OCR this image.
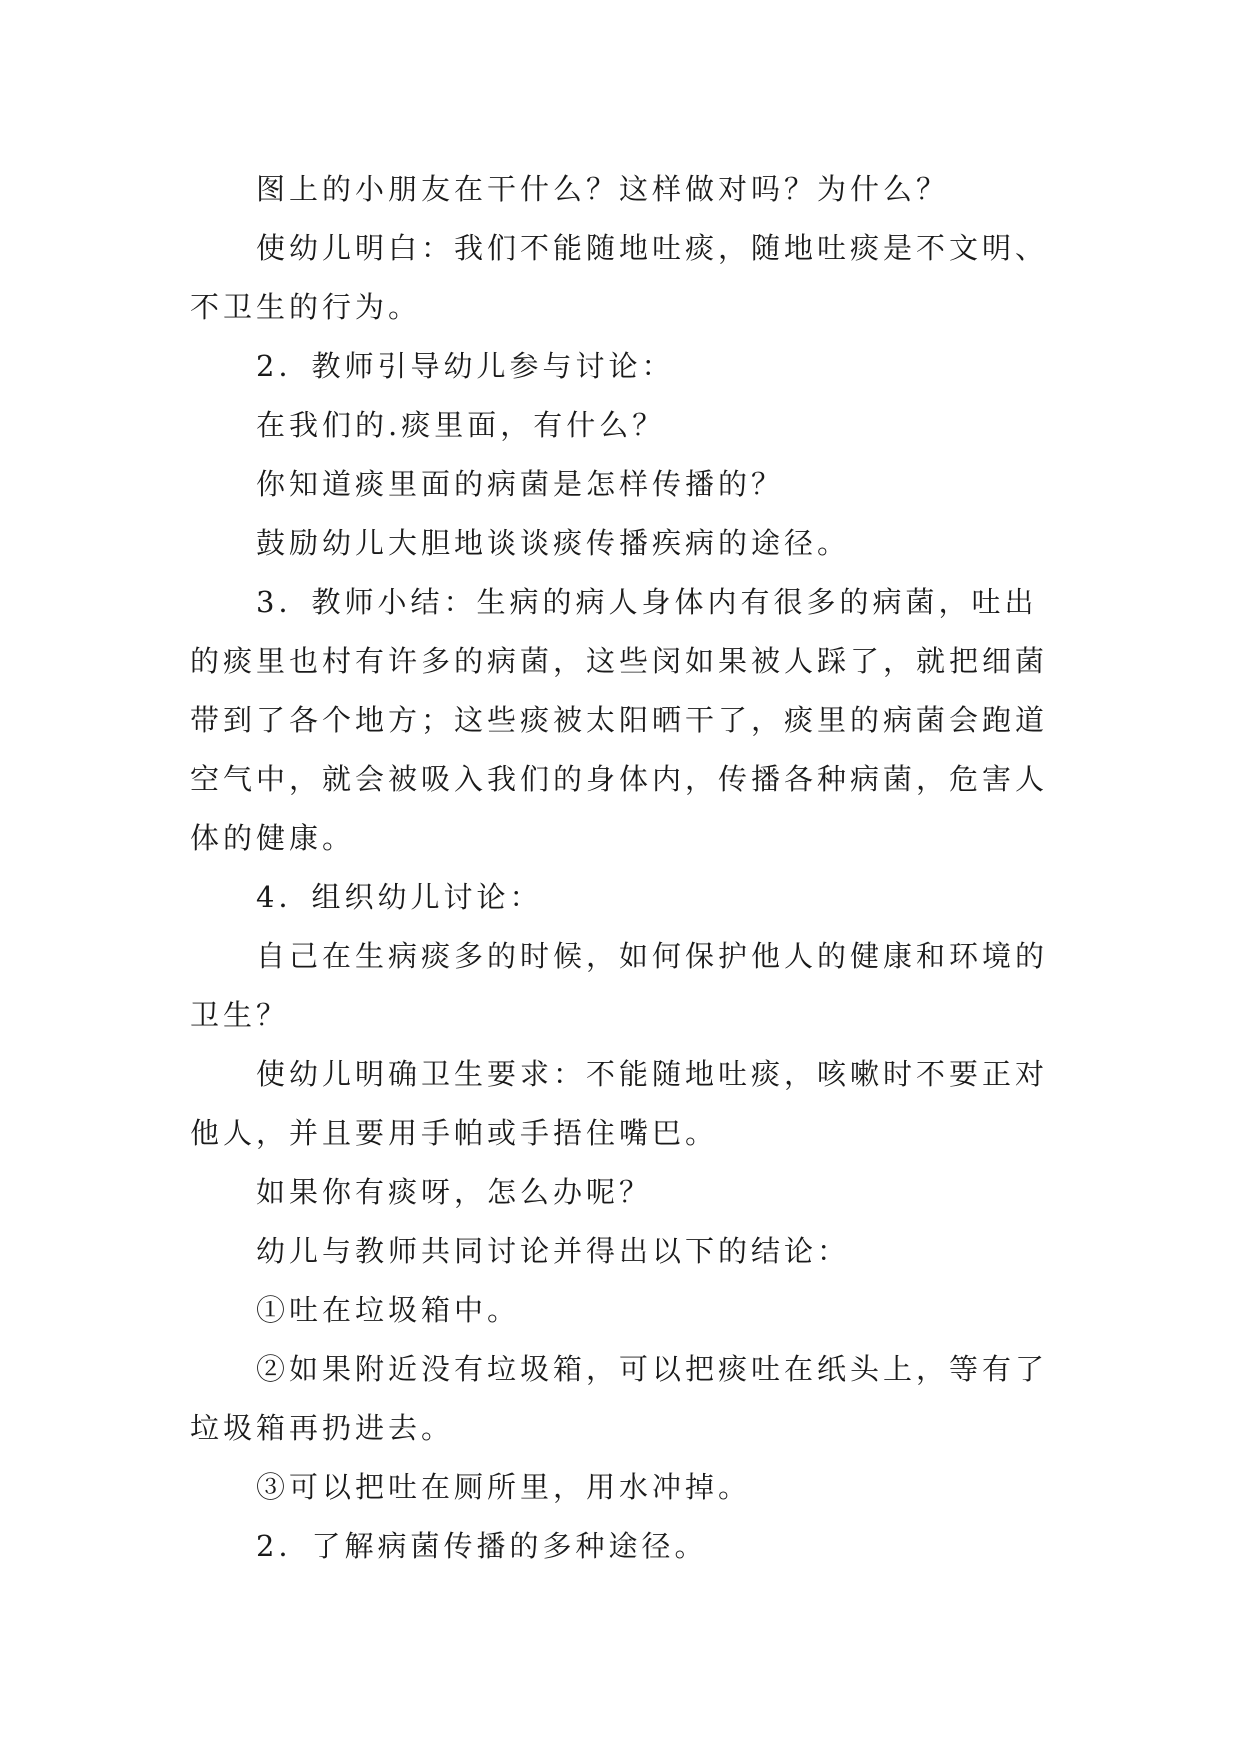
图上的小朋友在干什么？这样做对吗？为什么？

使幼儿明白：我们不能随地吐痰，随地吐痰是不文明、不卫生的行为。

2．教师引导幼儿参与讨论：

在我们的.痰里面，有什么？

你知道痰里面的病菌是怎样传播的？

鼓励幼儿大胆地谈谈痰传播疾病的途径。

3．教师小结：生病的病人身体内有很多的病菌，吐出的痰里也村有许多的病菌，这些闵如果被人踩了，就把细菌带到了各个地方；这些痰被太阳晒干了，痰里的病菌会跑道空气中，就会被吸入我们的身体内，传播各种病菌，危害人体的健康。

4．组织幼儿讨论：

自己在生病痰多的时候，如何保护他人的健康和环境的卫生？

使幼儿明确卫生要求：不能随地吐痰，咳嗽时不要正对他人，并且要用手帕或手捂住嘴巴。

如果你有痰呀，怎么办呢？

幼儿与教师共同讨论并得出以下的结论：

①吐在垃圾箱中。

②如果附近没有垃圾箱，可以把痰吐在纸头上，等有了垃圾箱再扔进去。

③可以把吐在厕所里，用水冲掉。

2．了解病菌传播的多种途径。
